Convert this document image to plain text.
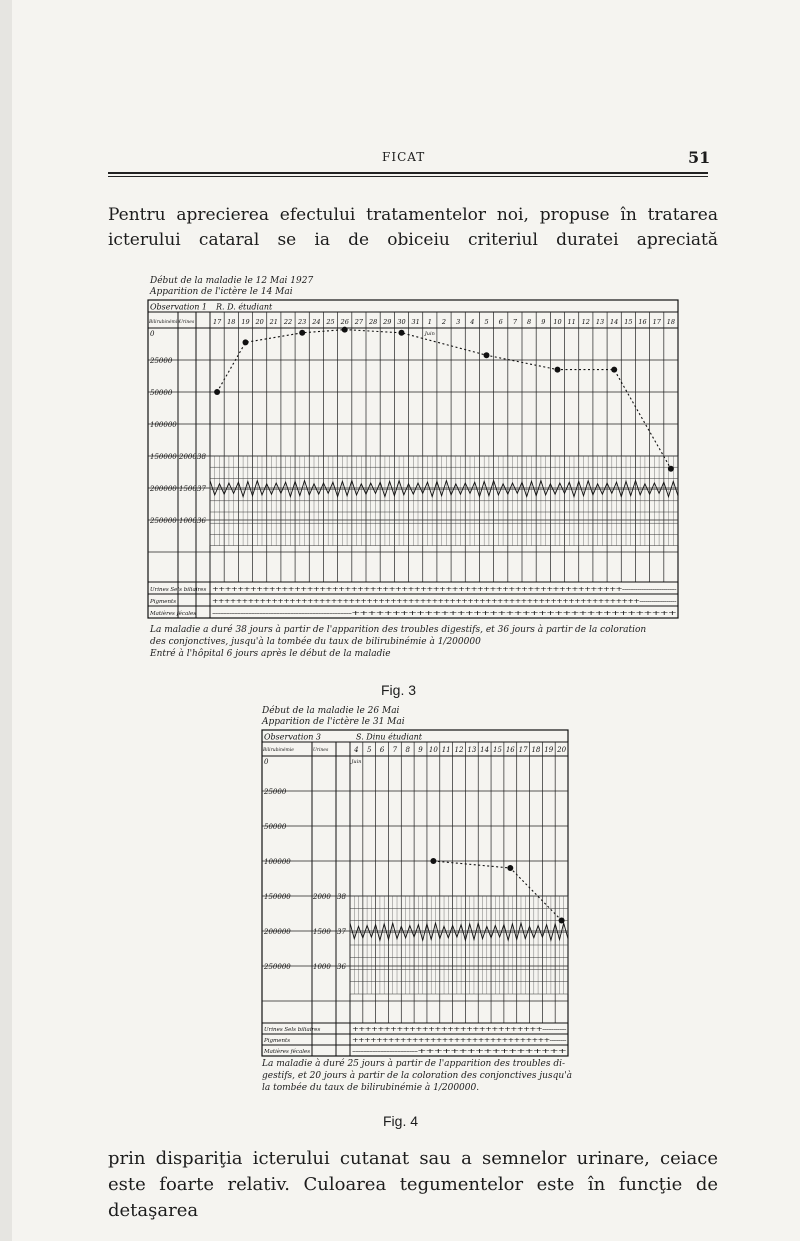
FICAT	51

Pentru aprecierea efectului tratamentelor noi, propuse în tratarea icterului cataral se ia de obiceiu criteriul duratei apreciată

Début de la maladie le 12 Mai 1927
Apparition de l'ictère le 14 Mai
Observation 1 R. D. étudiant
Bilirubinémie Urines	17 18 19 20 21 22 23 24 25 26 27 28 29 30 31 1 2 3 4 5 6 7 8 9 10 11 12 13 14 15 16 17 18
Juin
0
25000
50000
100000
150000
200000
250000
2000
1500
1000
38
37
36
Urines Sels biliaires +++++++++++++++++++++++++++++++++++++++++++++++++++++++++++++++++-------------------------
Pigments	++++++++++++++++++++++++++++++++++++++++++++++++++++++++++++++++++++++++------------------
Matières fécales --------------------------------------------------++++++++++++++++++++++++++++++++++++++++
La maladie a duré 38 jours à partir de l'apparition des troubles digestifs, et 36 jours à partir de la coloration
des conjonctives, jusqu'à la tombée du taux de bilirubinémie à 1/200000
Entré à l'hôpital 6 jours après le début de la maladie
Fig. 3
Début de la maladie le 26 Mai
Apparition de l'ictère le 31 Mai
Observation 3	S. Dinu étudiant
Bilirubinémie	Urines	4 5 6 7 8 9 10 11 12 13 14 15 16 17 18 19 20
Juin
0
25000
50000
100000
150000
200000
250000
2000
1500
1000
38
37
36
Urines Sels biliaires	++++++++++++++++++++++++++++++-----------
Pigments	+++++++++++++++++++++++++++++++++--------
Matières fécales	-----------------------++++++++++++++++++
La maladie à duré 25 jours à partir de l'apparition des troubles di-
gestifs, et 20 jours à partir de la coloration des conjonctives jusqu'à
la tombée du taux de bilirubinémie à 1/200000.
Fig. 4

prin dispariţia icterului cutanat sau a semnelor urinare, ceiace este foarte relativ. Culoarea tegumentelor este în funcţie de detaşarea
